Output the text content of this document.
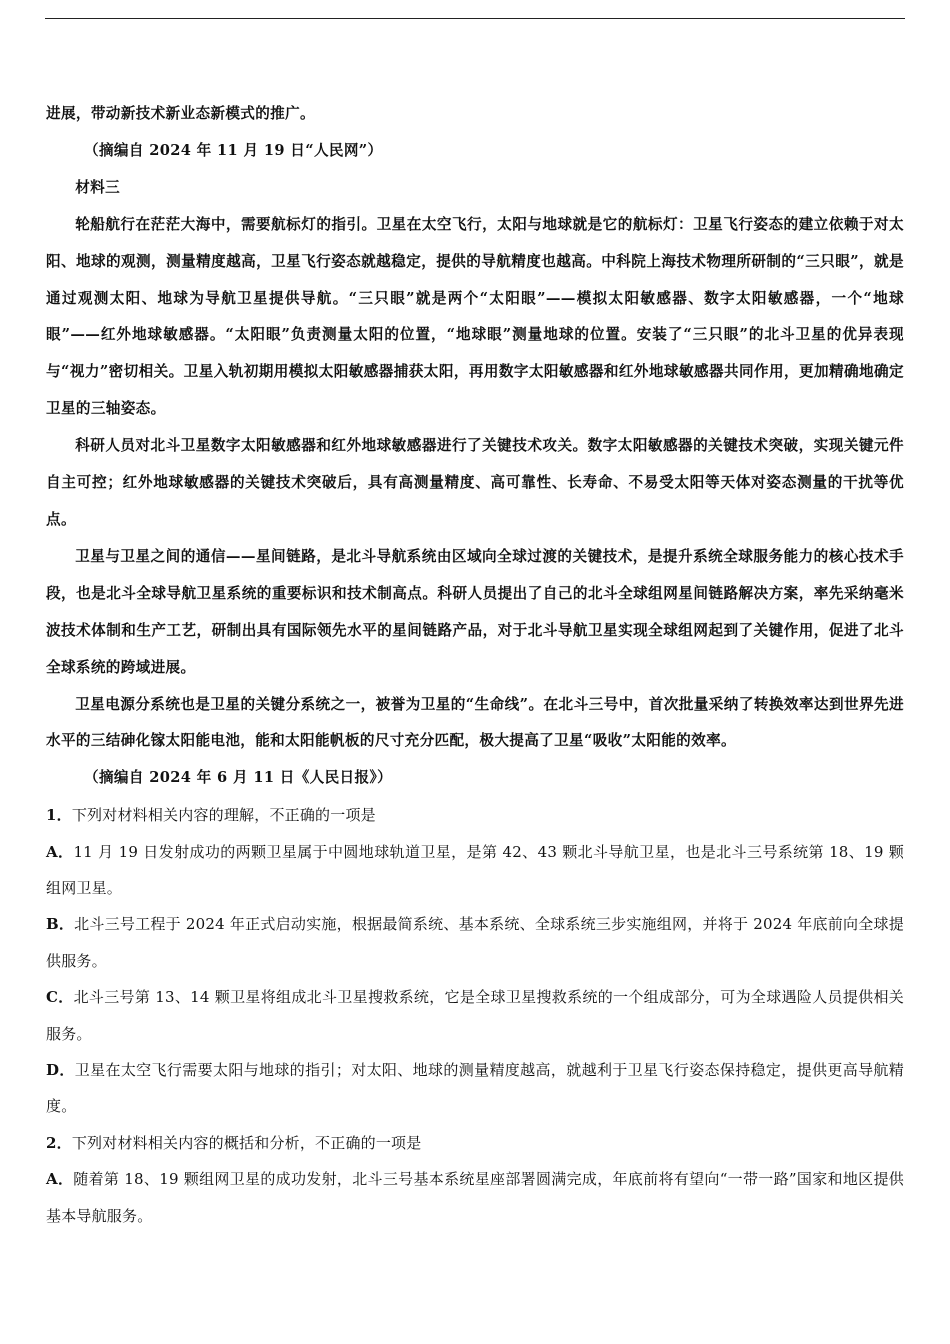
进展，带动新技术新业态新模式的推广。

（摘编自 2024 年 11 月 19 日“人民网”）

材料三

轮船航行在茫茫大海中，需要航标灯的指引。卫星在太空飞行，太阳与地球就是它的航标灯：卫星飞行姿态的建立依赖于对太阳、地球的观测，测量精度越高，卫星飞行姿态就越稳定，提供的导航精度也越高。中科院上海技术物理所研制的“三只眼”，就是通过观测太阳、地球为导航卫星提供导航。“三只眼”就是两个“太阳眼”——模拟太阳敏感器、数字太阳敏感器，一个“地球眼”——红外地球敏感器。“太阳眼”负责测量太阳的位置，“地球眼”测量地球的位置。安装了“三只眼”的北斗卫星的优异表现与“视力”密切相关。卫星入轨初期用模拟太阳敏感器捕获太阳，再用数字太阳敏感器和红外地球敏感器共同作用，更加精确地确定卫星的三轴姿态。

科研人员对北斗卫星数字太阳敏感器和红外地球敏感器进行了关键技术攻关。数字太阳敏感器的关键技术突破，实现关键元件自主可控；红外地球敏感器的关键技术突破后，具有高测量精度、高可靠性、长寿命、不易受太阳等天体对姿态测量的干扰等优点。

卫星与卫星之间的通信——星间链路，是北斗导航系统由区域向全球过渡的关键技术，是提升系统全球服务能力的核心技术手段，也是北斗全球导航卫星系统的重要标识和技术制高点。科研人员提出了自己的北斗全球组网星间链路解决方案，率先采纳毫米波技术体制和生产工艺，研制出具有国际领先水平的星间链路产品，对于北斗导航卫星实现全球组网起到了关键作用，促进了北斗全球系统的跨域进展。

卫星电源分系统也是卫星的关键分系统之一，被誉为卫星的“生命线”。在北斗三号中，首次批量采纳了转换效率达到世界先进水平的三结砷化镓太阳能电池，能和太阳能帆板的尺寸充分匹配，极大提高了卫星“吸收”太阳能的效率。

（摘编自 2024 年 6 月 11 日《人民日报》）

1．下列对材料相关内容的理解，不正确的一项是

A．11 月 19 日发射成功的两颗卫星属于中圆地球轨道卫星，是第 42、43 颗北斗导航卫星，也是北斗三号系统第 18、19 颗组网卫星。

B．北斗三号工程于 2024 年正式启动实施，根据最简系统、基本系统、全球系统三步实施组网，并将于 2024 年底前向全球提供服务。

C．北斗三号第 13、14 颗卫星将组成北斗卫星搜救系统，它是全球卫星搜救系统的一个组成部分，可为全球遇险人员提供相关服务。

D．卫星在太空飞行需要太阳与地球的指引；对太阳、地球的测量精度越高，就越利于卫星飞行姿态保持稳定，提供更高导航精度。

2．下列对材料相关内容的概括和分析，不正确的一项是

A．随着第 18、19 颗组网卫星的成功发射，北斗三号基本系统星座部署圆满完成，年底前将有望向“一带一路”国家和地区提供基本导航服务。
